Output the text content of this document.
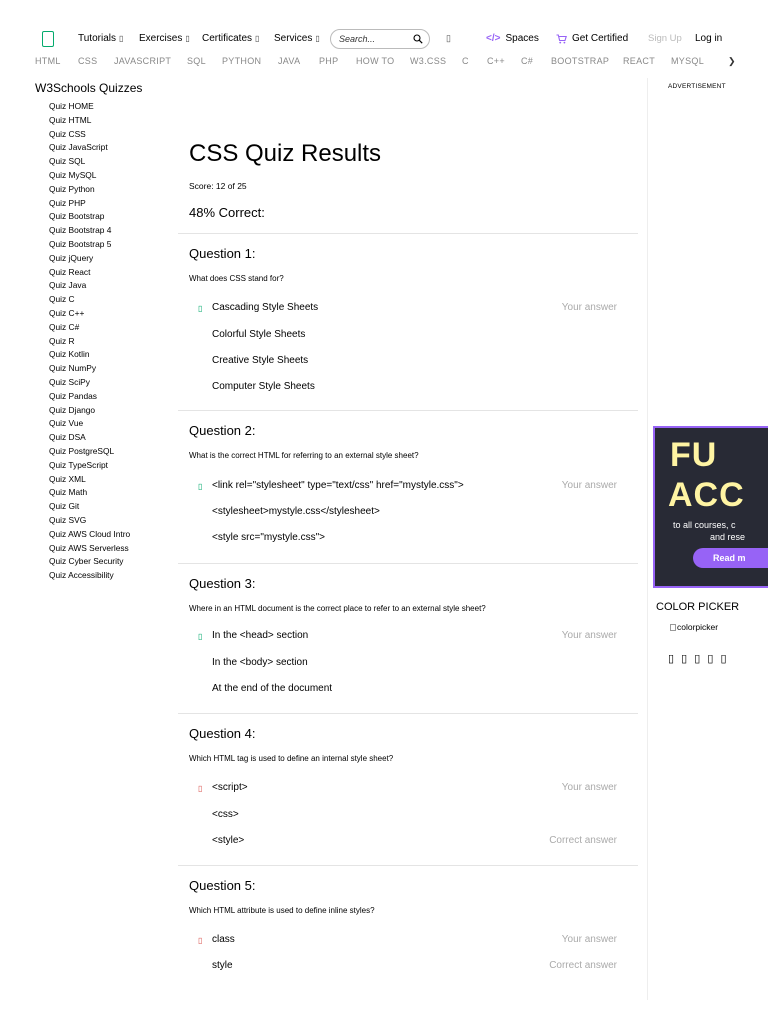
Tutorials ▯ Exercises ▯ Certificates ▯ Services ▯ Search...	▯	</> Spaces	Get Certified Sign Up Log in
HTML CSS JAVASCRIPT SQL PYTHON JAVA PHP HOW TO W3.CSS C C++ C# BOOTSTRAP REACT MYSQL	❯
W3Schools Quizzes
Quiz HOME
Quiz HTML
Quiz CSS
Quiz JavaScript
Quiz SQL
Quiz MySQL
Quiz Python
Quiz PHP
Quiz Bootstrap
Quiz Bootstrap 4
Quiz Bootstrap 5
Quiz jQuery
Quiz React
Quiz Java
Quiz C
Quiz C++
Quiz C#
Quiz R
Quiz Kotlin
Quiz NumPy
Quiz SciPy
Quiz Pandas
Quiz Django
Quiz Vue
Quiz DSA
Quiz PostgreSQL
Quiz TypeScript
Quiz XML
Quiz Math
Quiz Git
Quiz SVG
Quiz AWS Cloud Intro
Quiz AWS Serverless
Quiz Cyber Security
Quiz Accessibility
CSS Quiz Results
Score: 12 of 25
48% Correct:
Question 1:
What does CSS stand for?
▯ Cascading Style Sheets	Your answer
Colorful Style Sheets
Creative Style Sheets
Computer Style Sheets
Question 2:
What is the correct HTML for referring to an external style sheet?
▯ <link rel="stylesheet" type="text/css" href="mystyle.css">	Your answer
<stylesheet>mystyle.css</stylesheet>
<style src="mystyle.css">
Question 3:
Where in an HTML document is the correct place to refer to an external style sheet?
▯ In the <head> section	Your answer
In the <body> section
At the end of the document
Question 4:
Which HTML tag is used to define an internal style sheet?
▯ <script>	Your answer
<css>
<style>	Correct answer
Question 5:
Which HTML attribute is used to define inline styles?
▯ class	Your answer
style	Correct answer
ADVERTISEMENT
FU
ACC
to all courses, c
and rese
Read m
COLOR PICKER
colorpicker
▯ ▯ ▯ ▯ ▯
